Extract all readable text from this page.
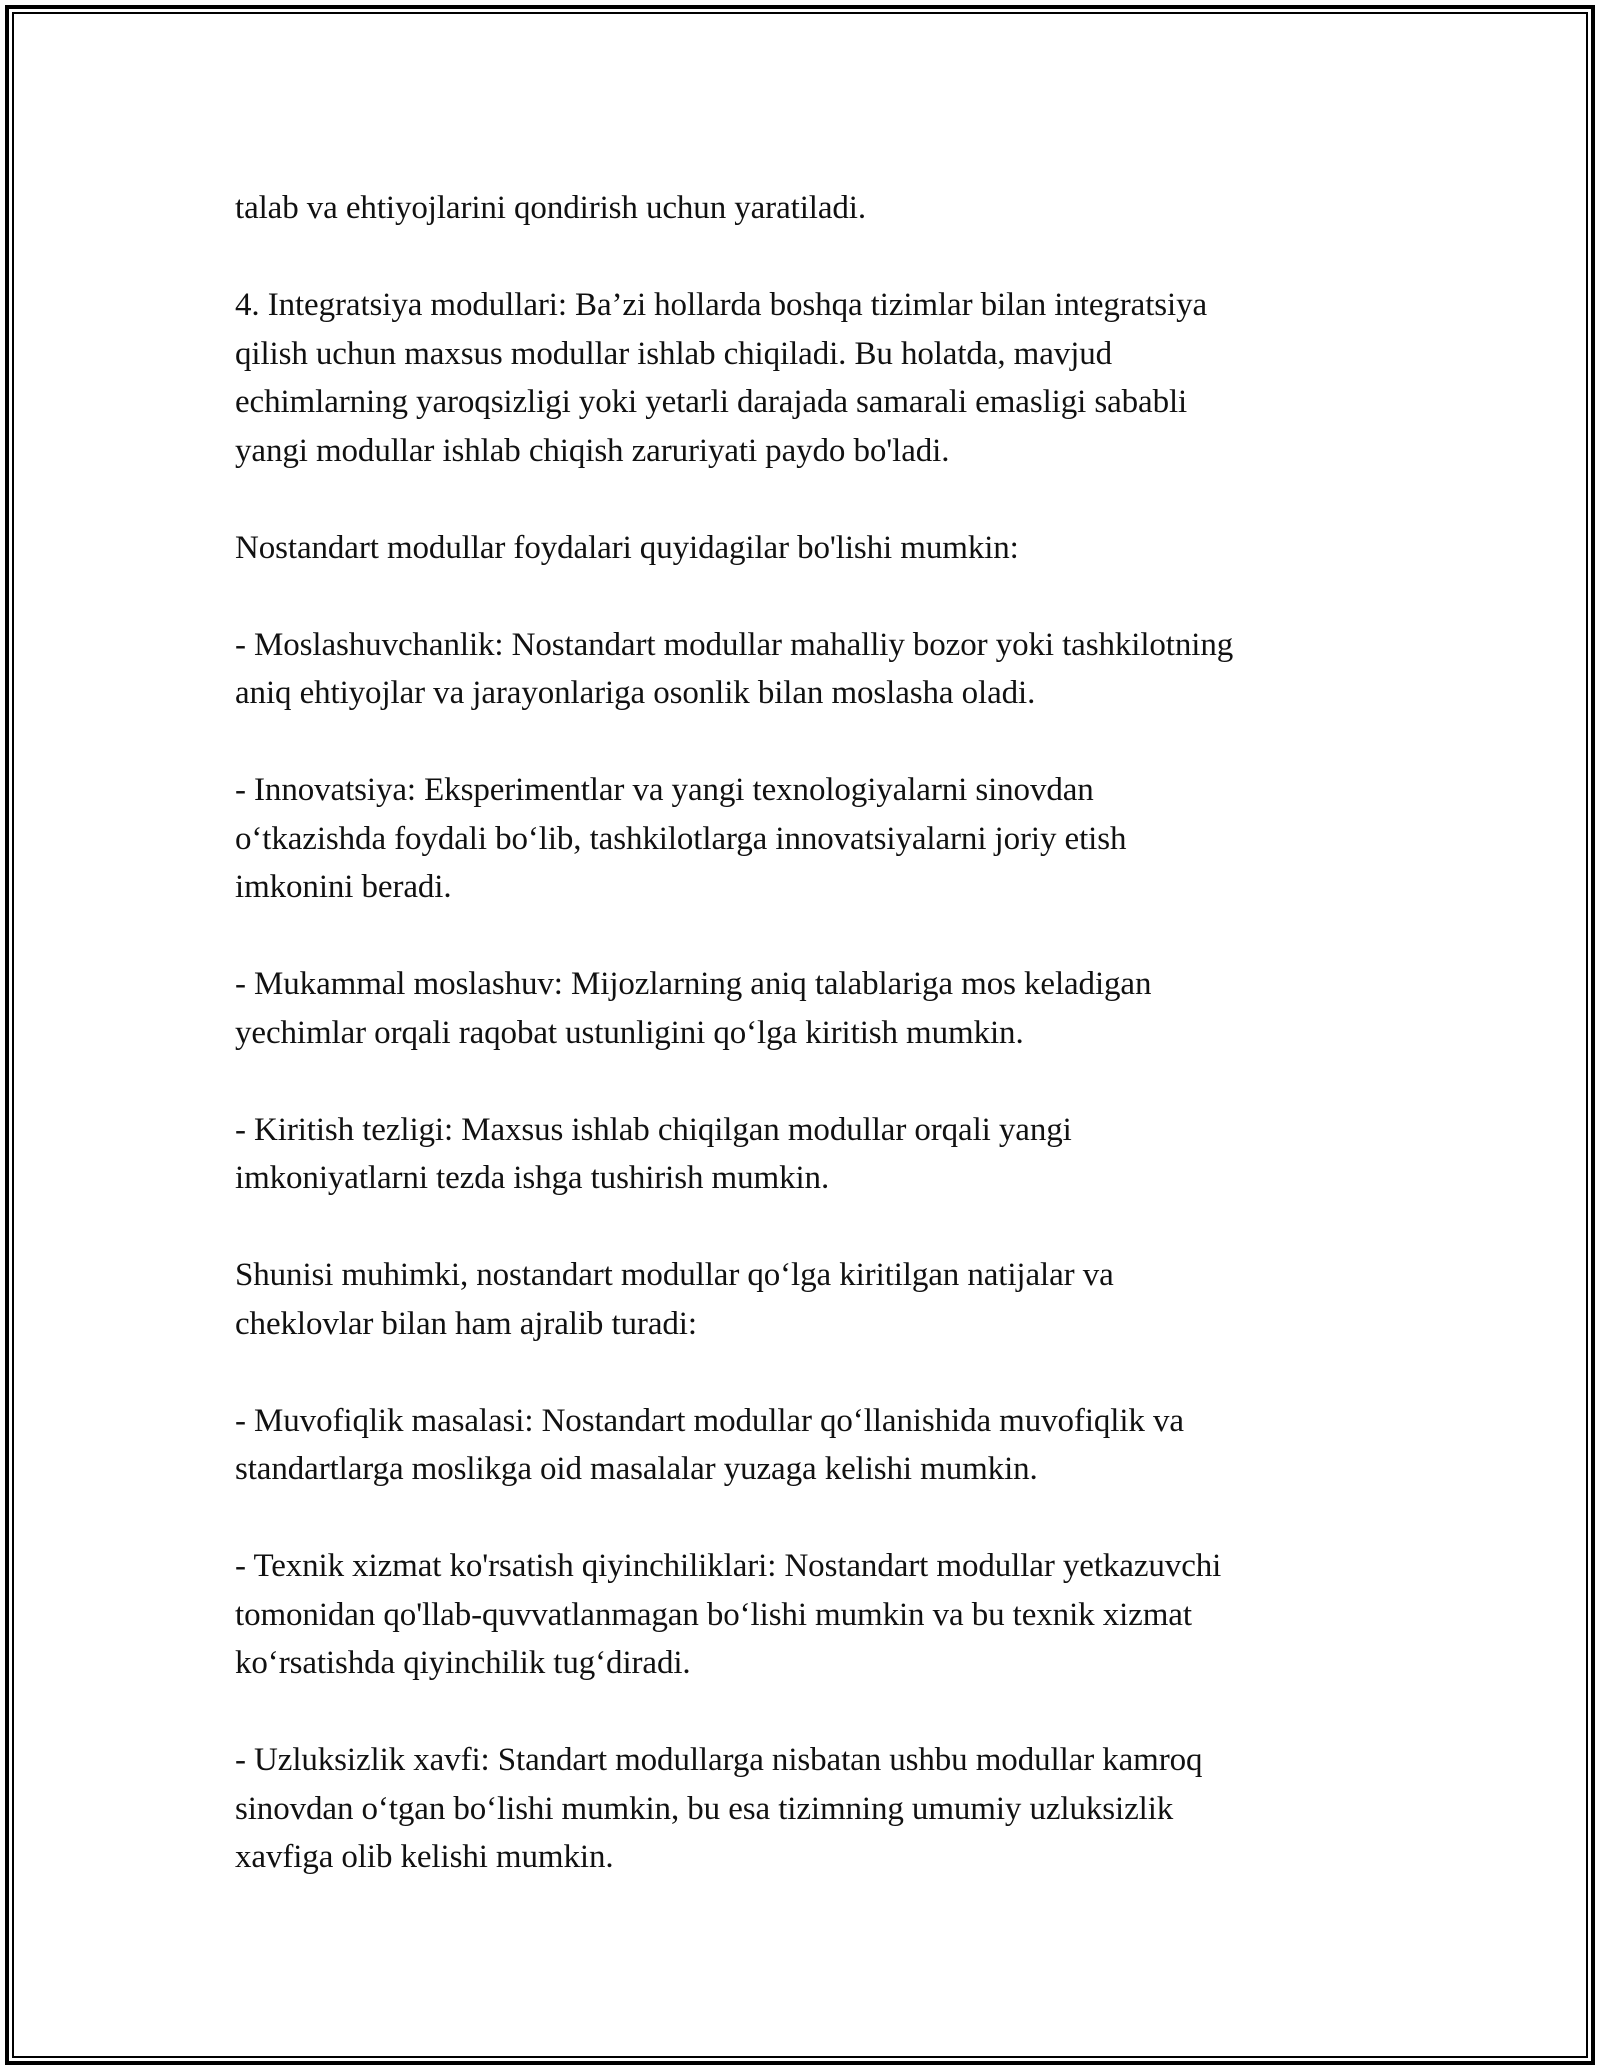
talab va ehtiyojlarini qondirish uchun yaratiladi.

4. Integratsiya modullari: Ba’zi hollarda boshqa tizimlar bilan integratsiya
qilish uchun maxsus modullar ishlab chiqiladi. Bu holatda, mavjud
echimlarning yaroqsizligi yoki yetarli darajada samarali emasligi sababli
yangi modullar ishlab chiqish zaruriyati paydo bo'ladi.

Nostandart modullar foydalari quyidagilar bo'lishi mumkin:

- Moslashuvchanlik: Nostandart modullar mahalliy bozor yoki tashkilotning
aniq ehtiyojlar va jarayonlariga osonlik bilan moslasha oladi.

- Innovatsiya: Eksperimentlar va yangi texnologiyalarni sinovdan
o‘tkazishda foydali bo‘lib, tashkilotlarga innovatsiyalarni joriy etish
imkonini beradi.

- Mukammal moslashuv: Mijozlarning aniq talablariga mos keladigan
yechimlar orqali raqobat ustunligini qo‘lga kiritish mumkin.

- Kiritish tezligi: Maxsus ishlab chiqilgan modullar orqali yangi
imkoniyatlarni tezda ishga tushirish mumkin.

Shunisi muhimki, nostandart modullar qo‘lga kiritilgan natijalar va
cheklovlar bilan ham ajralib turadi:

- Muvofiqlik masalasi: Nostandart modullar qo‘llanishida muvofiqlik va
standartlarga moslikga oid masalalar yuzaga kelishi mumkin.

- Texnik xizmat ko'rsatish qiyinchiliklari: Nostandart modullar yetkazuvchi
tomonidan qo'llab-quvvatlanmagan bo‘lishi mumkin va bu texnik xizmat
ko‘rsatishda qiyinchilik tug‘diradi.

- Uzluksizlik xavfi: Standart modullarga nisbatan ushbu modullar kamroq
sinovdan o‘tgan bo‘lishi mumkin, bu esa tizimning umumiy uzluksizlik
xavfiga olib kelishi mumkin.
